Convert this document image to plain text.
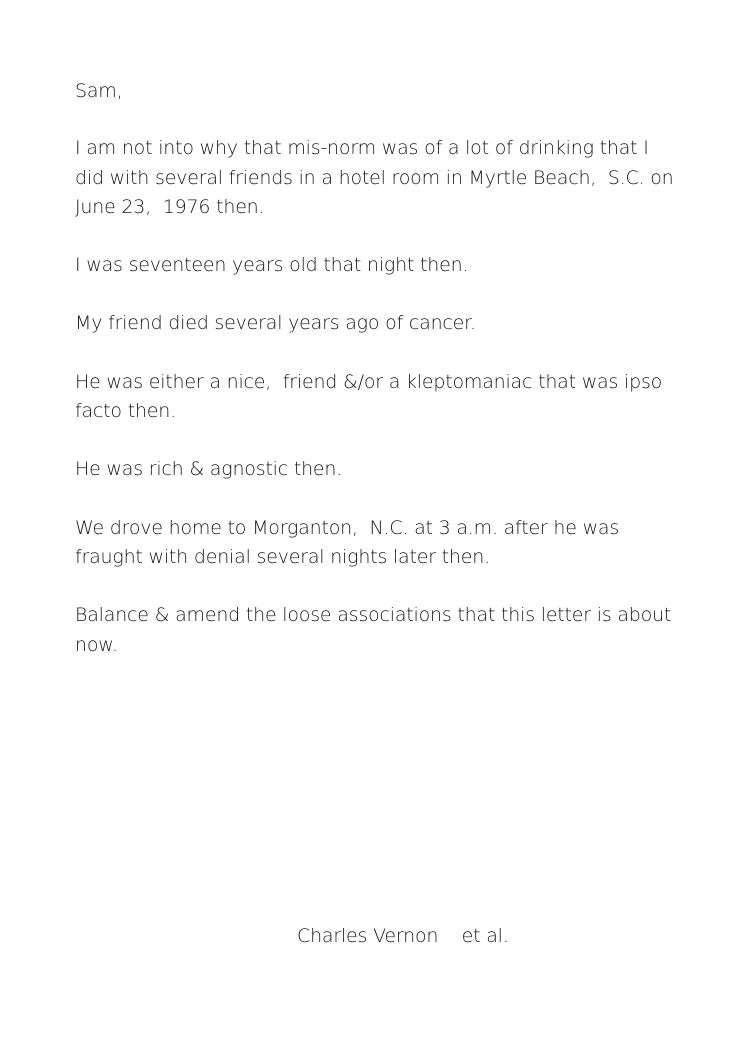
Sam,

I am not into why that mis-norm was of a lot of drinking that I did with several friends in a hotel room in Myrtle Beach,  S.C. on June 23,  1976 then.

I was seventeen years old that night then.

My friend died several years ago of cancer.

He was either a nice,  friend &/or a kleptomaniac that was ipso facto then.

He was rich & agnostic then.

We drove home to Morganton,  N.C. at 3 a.m. after he was fraught with denial several nights later then.

Balance & amend the loose associations that this letter is about now.

Charles Vernon et al.
